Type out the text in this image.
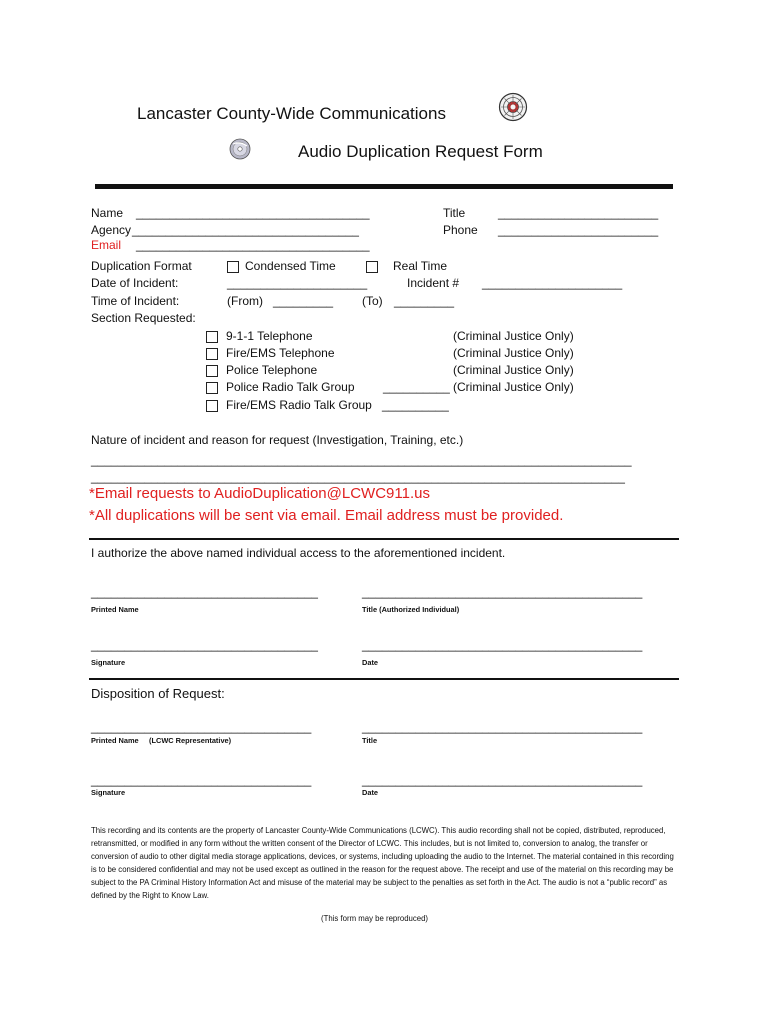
Lancaster County-Wide Communications
Audio Duplication Request Form
Name ___________________________________
Agency __________________________________
Email ___________________________________
Title	________________________
Phone ________________________
Duplication Format	Condensed Time	Real Time
Date of Incident:	_____________________	Incident # _____________________
Time of Incident:	(From) _________ (To) _________
Section Requested:
9-1-1 Telephone	(Criminal Justice Only)
Fire/EMS Telephone	(Criminal Justice Only)
Police Telephone	(Criminal Justice Only)
Police Radio Talk Group __________ (Criminal Justice Only)
Fire/EMS Radio Talk Group __________
Nature of incident and reason for request (Investigation, Training, etc.)
_________________________________________________________________________________
________________________________________________________________________________
*Email requests to AudioDuplication@LCWC911.us
*All duplications will be sent via email. Email address must be provided.
I authorize the above named individual access to the aforementioned incident.
__________________________________	__________________________________________
Printed Name	Title (Authorized Individual)
__________________________________	__________________________________________
Signature	Date
Disposition of Request:
_________________________________	__________________________________________
Printed Name (LCWC Representative)	Title
_________________________________	__________________________________________
Signature	Date
This recording and its contents are the property of Lancaster County-Wide Communications (LCWC). This audio recording shall not be copied, distributed, reproduced, retransmitted, or modified in any form without the written consent of the Director of LCWC. This includes, but is not limited to, conversion to analog, the transfer or conversion of audio to other digital media storage applications, devices, or systems, including uploading the audio to the Internet. The material contained in this recording is to be considered confidential and may not be used except as outlined in the reason for the request above. The receipt and use of the material on this recording may be subject to the PA Criminal History Information Act and misuse of the material may be subject to the penalties as set forth in the Act. The audio is not a “public record” as defined by the Right to Know Law.
(This form may be reproduced)
